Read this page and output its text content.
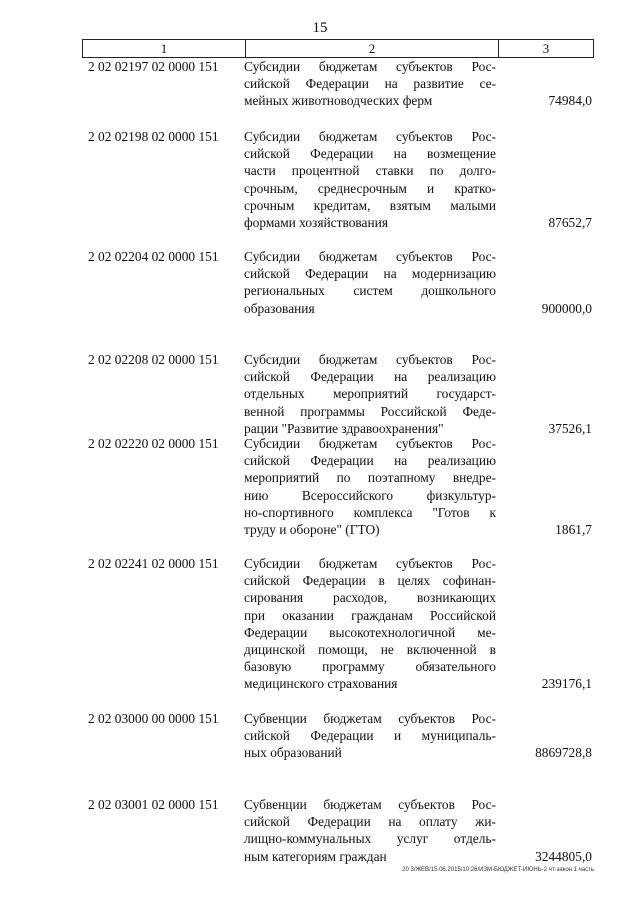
15
1	2	3
2 02 02197 02 0000 151	Субсидии бюджетам субъектов Рос-
сийской Федерации на развитие се-
мейных животноводческих ферм	74984,0
2 02 02198 02 0000 151	Субсидии бюджетам субъектов Рос-
сийской Федерации на возмещение
части процентной ставки по долго-
срочным, среднесрочным и кратко-
срочным кредитам, взятым малыми
формами хозяйствования	87652,7
2 02 02204 02 0000 151	Субсидии бюджетам субъектов Рос-
сийской Федерации на модернизацию
региональных систем дошкольного
образования	900000,0
2 02 02208 02 0000 151	Субсидии бюджетам субъектов Рос-
сийской Федерации на реализацию
отдельных мероприятий государст-
венной программы Российской Феде-
рации "Развитие здравоохранения"	37526,1
2 02 02220 02 0000 151	Субсидии бюджетам субъектов Рос-
сийской Федерации на реализацию
мероприятий по поэтапному внедре-
нию Всероссийского физкультур-
но-спортивного комплекса "Готов к
труду и обороне" (ГТО)	1861,7
2 02 02241 02 0000 151	Субсидии бюджетам субъектов Рос-
сийской Федерации в целях софинан-
сирования расходов, возникающих
при оказании гражданам Российской
Федерации высокотехнологичной ме-
дицинской помощи, не включенной в
базовую программу обязательного
медицинского страхования	239176,1
2 02 03000 00 0000 151	Субвенции бюджетам субъектов Рос-
сийской Федерации и муниципаль-
ных образований	8869728,8
2 02 03001 02 0000 151	Субвенции бюджетам субъектов Рос-
сийской Федерации на оплату жи-
лищно-коммунальных услуг отдель-
ным категориям граждан	3244805,0
20 3/ЖЕВ/15.06.2015/10:26/ИЗМ-БЮДЖЕТ-ИЮНЬ-2 чт-закон 1 часть
